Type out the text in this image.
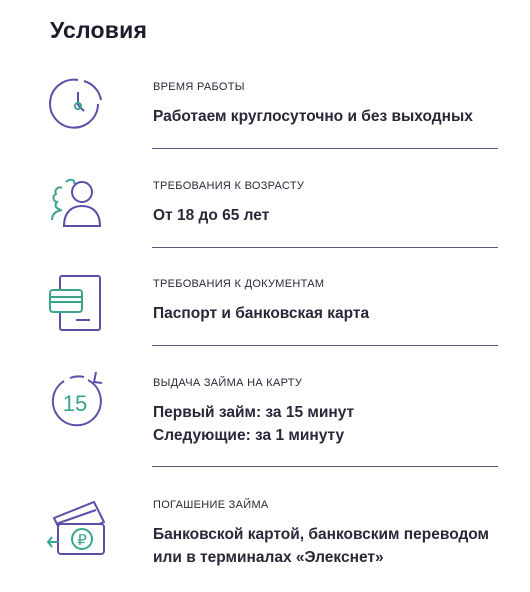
Условия
ВРЕМЯ РАБОТЫ
Работаем круглосуточно и без выходных
ТРЕБОВАНИЯ К ВОЗРАСТУ
От 18 до 65 лет
ТРЕБОВАНИЯ К ДОКУМЕНТАМ
Паспорт и банковская карта
15
ВЫДАЧА ЗАЙМА НА КАРТУ
Первый займ: за 15 минут
Следующие: за 1 минуту
₽
ПОГАШЕНИЕ ЗАЙМА
Банковской картой, банковским переводом
или в терминалах «Элекснет»
